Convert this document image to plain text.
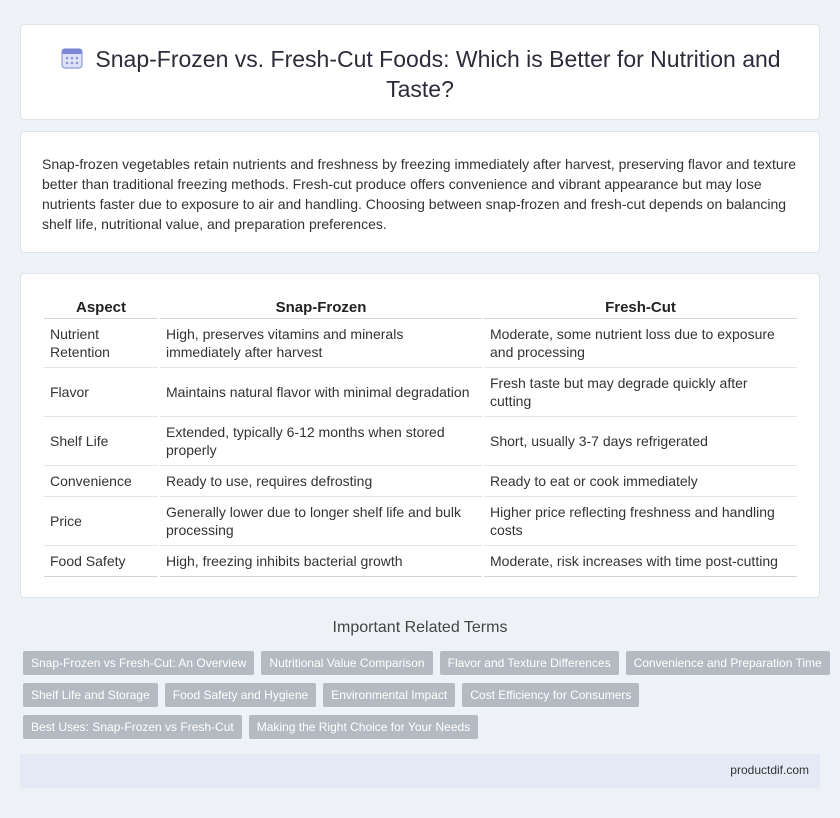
Snap-Frozen vs. Fresh-Cut Foods: Which is Better for Nutrition and Taste?

Snap-frozen vegetables retain nutrients and freshness by freezing immediately after harvest, preserving flavor and texture better than traditional freezing methods. Fresh-cut produce offers convenience and vibrant appearance but may lose nutrients faster due to exposure to air and handling. Choosing between snap-frozen and fresh-cut depends on balancing shelf life, nutritional value, and preparation preferences.

Aspect	Snap-Frozen	Fresh-Cut
Nutrient Retention	High, preserves vitamins and minerals immediately after harvest	Moderate, some nutrient loss due to exposure and processing
Flavor	Maintains natural flavor with minimal degradation	Fresh taste but may degrade quickly after cutting
Shelf Life	Extended, typically 6-12 months when stored properly	Short, usually 3-7 days refrigerated
Convenience	Ready to use, requires defrosting	Ready to eat or cook immediately
Price	Generally lower due to longer shelf life and bulk processing	Higher price reflecting freshness and handling costs
Food Safety	High, freezing inhibits bacterial growth	Moderate, risk increases with time post-cutting
Important Related Terms
Snap-Frozen vs Fresh-Cut: An Overview	Nutritional Value Comparison	Flavor and Texture Differences	Convenience and Preparation Time
Shelf Life and Storage	Food Safety and Hygiene	Environmental Impact	Cost Efficiency for Consumers
Best Uses: Snap-Frozen vs Fresh-Cut	Making the Right Choice for Your Needs
productdif.com
